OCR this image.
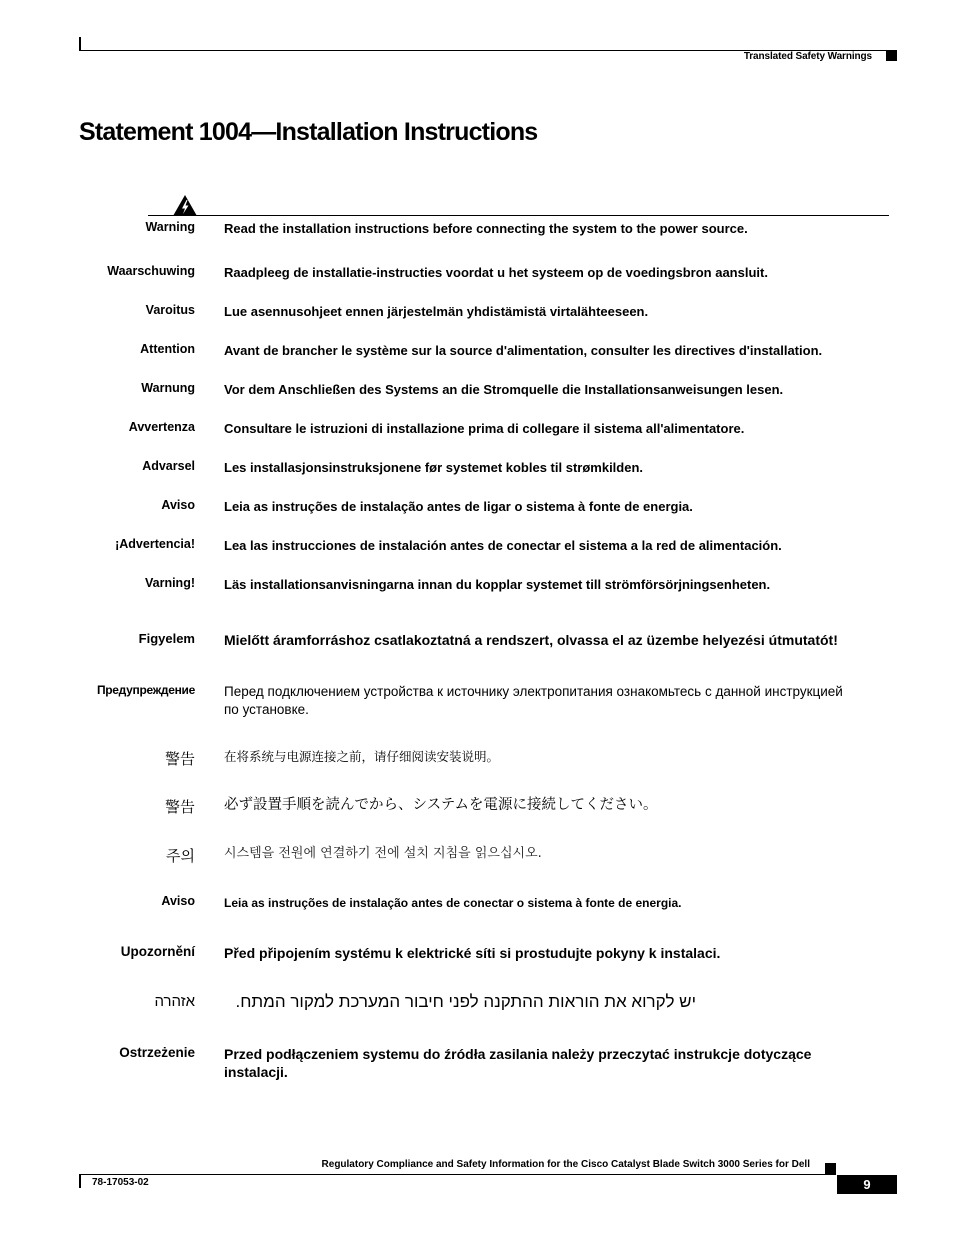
Translated Safety Warnings
Statement 1004—Installation Instructions
Warning Read the installation instructions before connecting the system to the power source.
Waarschuwing Raadpleeg de installatie-instructies voordat u het systeem op de voedingsbron aansluit.
Varoitus Lue asennusohjeet ennen järjestelmän yhdistämistä virtalähteeseen.
Attention Avant de brancher le système sur la source d'alimentation, consulter les directives d'installation.
Warnung Vor dem Anschließen des Systems an die Stromquelle die Installationsanweisungen lesen.
Avvertenza Consultare le istruzioni di installazione prima di collegare il sistema all'alimentatore.
Advarsel Les installasjonsinstruksjonene før systemet kobles til strømkilden.
Aviso Leia as instruções de instalação antes de ligar o sistema à fonte de energia.
¡Advertencia! Lea las instrucciones de instalación antes de conectar el sistema a la red de alimentación.
Varning! Läs installationsanvisningarna innan du kopplar systemet till strömförsörjningsenheten.
Figyelem Mielőtt áramforráshoz csatlakoztatná a rendszert, olvassa el az üzembe helyezési útmutatót!
Предупреждение Перед подключением устройства к источнику электропитания ознакомьтесь с данной инструкцией по установке.
警告 在将系统与电源连接之前，请仔细阅读安装说明。
警告 必ず設置手順を読んでから、システムを電源に接続してください。
주의 시스템을 전원에 연결하기 전에 설치 지침을 읽으십시오.
Aviso Leia as instruções de instalação antes de conectar o sistema à fonte de energia.
Upozornění Před připojením systému k elektrické síti si prostudujte pokyny k instalaci.
אזהרה	יש לקרוא את הוראות ההתקנה לפני חיבור המערכת למקור המתח.
Ostrzeżenie Przed podłączeniem systemu do źródła zasilania należy przeczytać instrukcje dotyczące instalacji.
Regulatory Compliance and Safety Information for the Cisco Catalyst Blade Switch 3000 Series for Dell
78-17053-02	9
